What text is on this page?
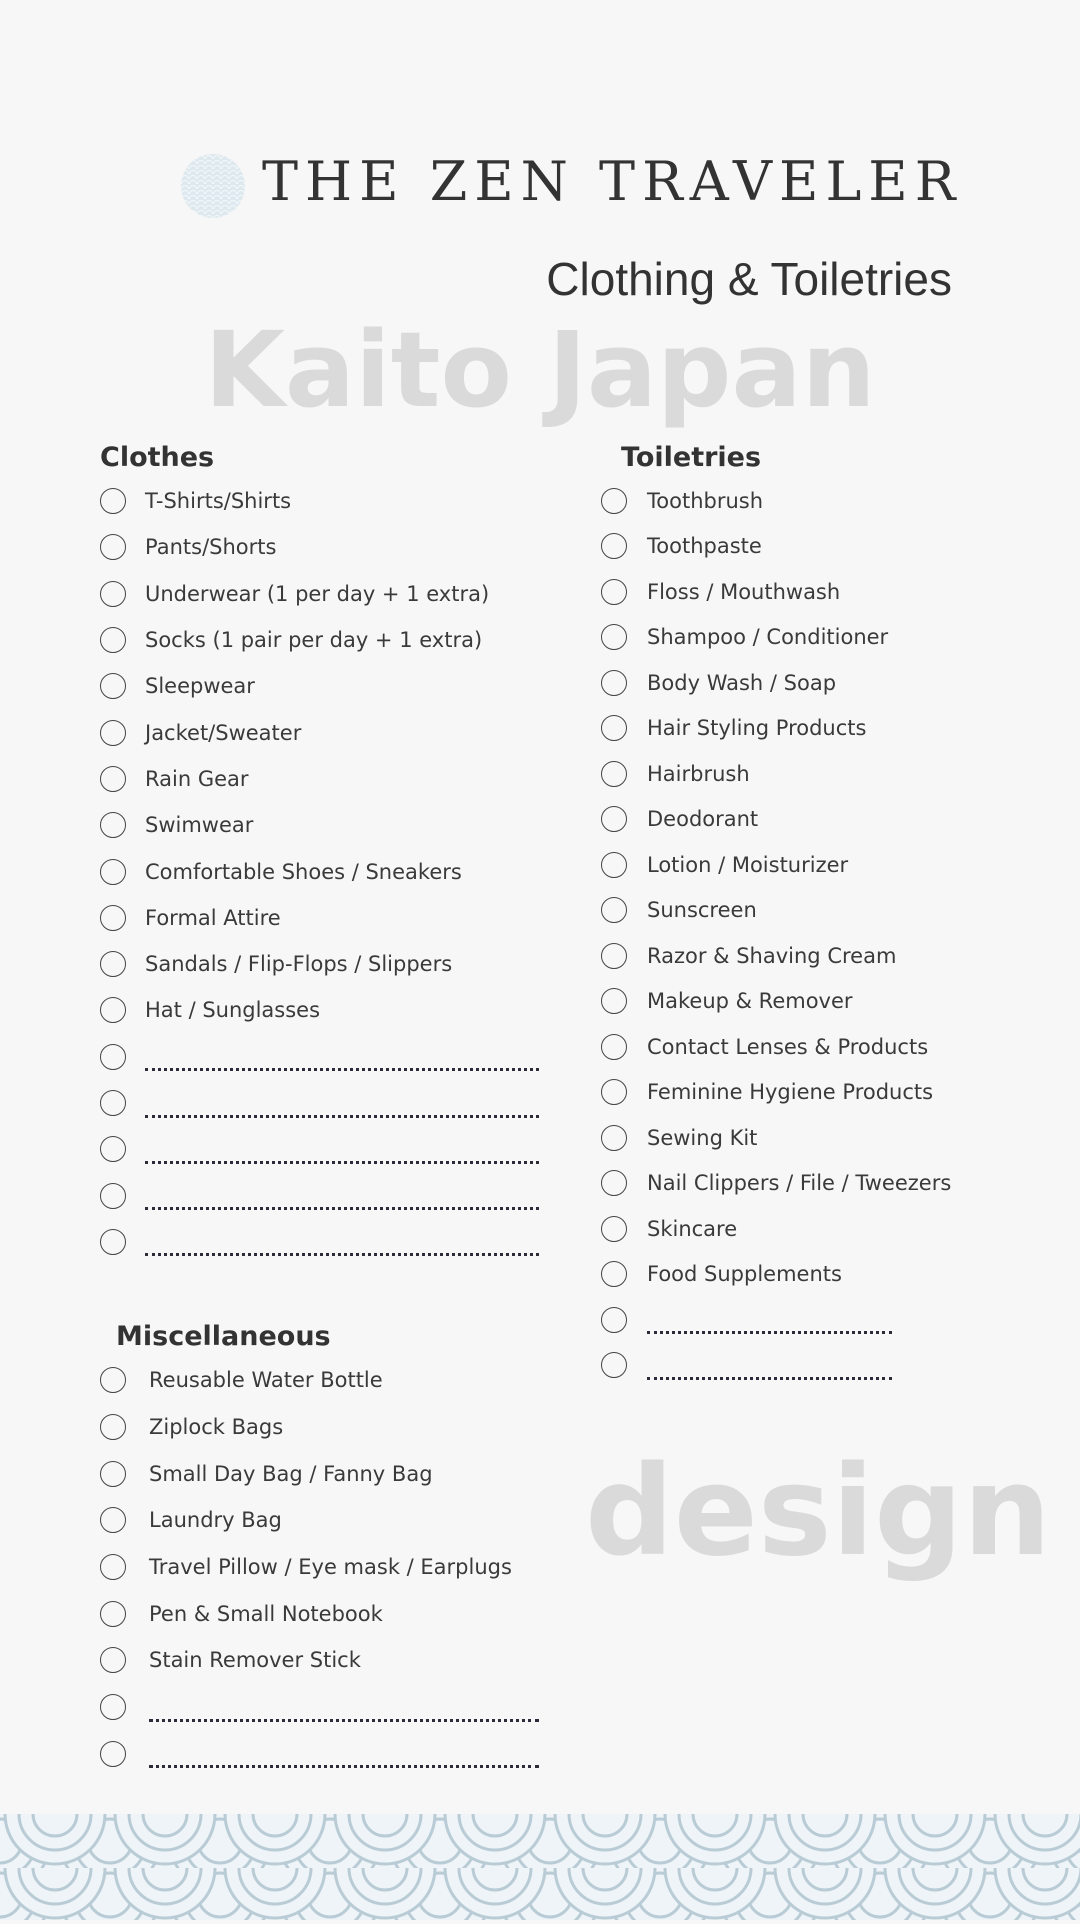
THE ZEN TRAVELER
Clothing & Toiletries
Kaito Japan
Clothes
T-Shirts/Shirts
Pants/Shorts
Underwear (1 per day + 1 extra)
Socks (1 pair per day + 1 extra)
Sleepwear
Jacket/Sweater
Rain Gear
Swimwear
Comfortable Shoes / Sneakers
Formal Attire
Sandals / Flip-Flops / Slippers
Hat / Sunglasses
Toiletries
Toothbrush
Toothpaste
Floss / Mouthwash
Shampoo / Conditioner
Body Wash / Soap
Hair Styling Products
Hairbrush
Deodorant
Lotion / Moisturizer
Sunscreen
Razor & Shaving Cream
Makeup & Remover
Contact Lenses & Products
Feminine Hygiene Products
Sewing Kit
Nail Clippers / File / Tweezers
Skincare
Food Supplements
Miscellaneous
Reusable Water Bottle
Ziplock Bags
Small Day Bag / Fanny Bag
Laundry Bag
Travel Pillow / Eye mask / Earplugs
Pen & Small Notebook
Stain Remover Stick
design
